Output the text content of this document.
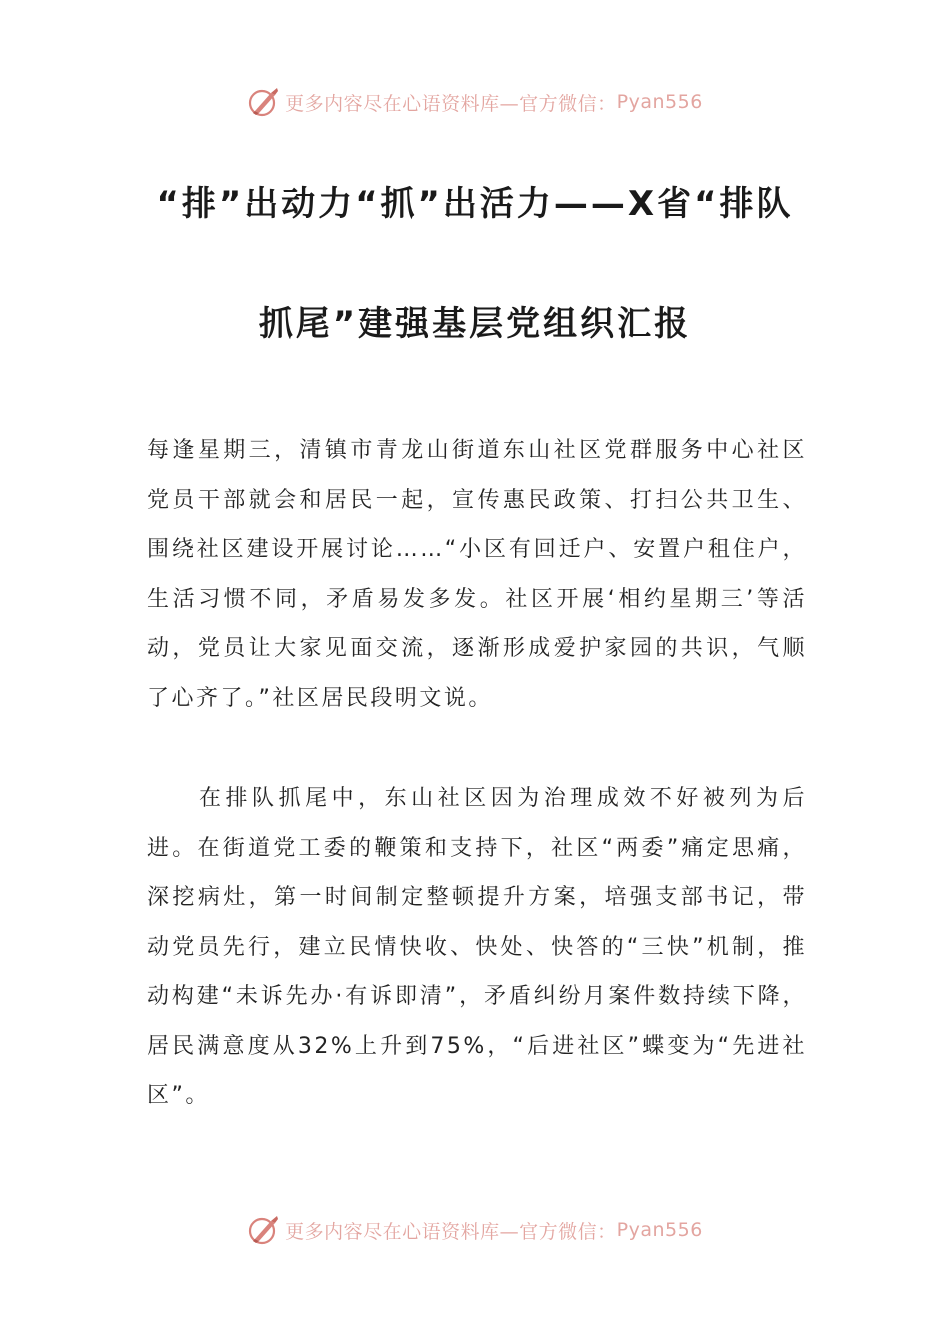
更多内容尽在心语资料库—官方微信： Pyan556
“排”出动力“抓”出活力——X省“排队
抓尾”建强基层党组织汇报

每逢星期三，清镇市青龙山街道东山社区党群服务中心社区党员干部就会和居民一起，宣传惠民政策、打扫公共卫生、围绕社区建设开展讨论……“小区有回迁户、安置户租住户，生活习惯不同，矛盾易发多发。社区开展‘相约星期三’等活动，党员让大家见面交流，逐渐形成爱护家园的共识，气顺了心齐了。”社区居民段明文说。

在排队抓尾中，东山社区因为治理成效不好被列为后进。在街道党工委的鞭策和支持下，社区“两委”痛定思痛，深挖病灶，第一时间制定整顿提升方案，培强支部书记，带动党员先行，建立民情快收、快处、快答的“三快”机制，推动构建“未诉先办·有诉即清”，矛盾纠纷月案件数持续下降，居民满意度从32%上升到75%，“后进社区”蝶变为“先进社区”。

更多内容尽在心语资料库—官方微信： Pyan556
